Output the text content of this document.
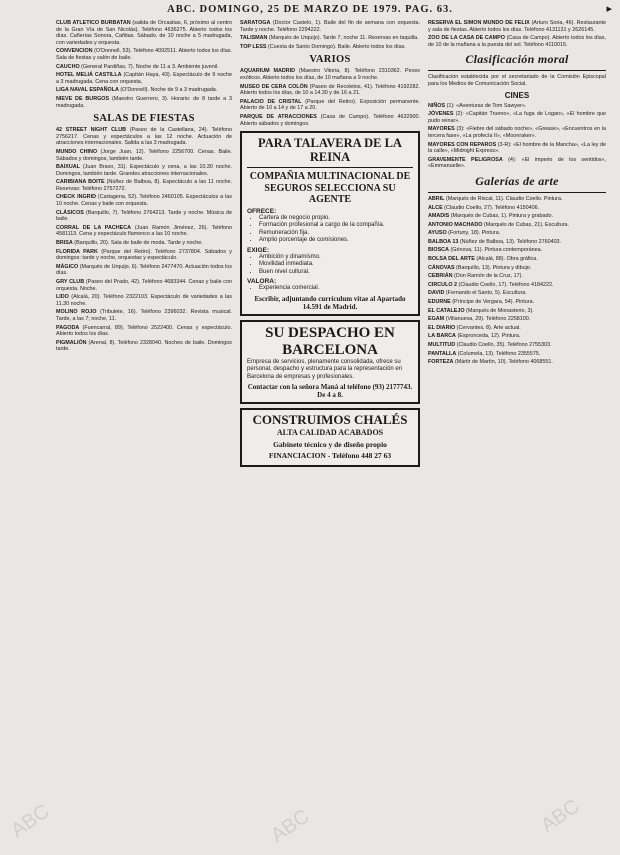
ABC. DOMINGO, 25 DE MARZO DE 1979. PAG. 63.	▸
ABC	ABC	ABC

CLUB ATLÉTICO BURBATAN (salida de Orcasitas, 6, próximo al centro de la Gran Vía de San Nicolás). Teléfono 4636275. Abierto todos los días. Cañerías Sonora, Cañitas. Sábado, de 10 noche a 5 madrugada, con variedades y orquesta.

CONVENCION (O'Donnell, 53). Teléfono 4092511. Abierto todos los días. Sala de fiestas y salón de baile.

CAUCHO (General Pardiñas, 7). Noche de 11 a 3. Ambiente juvenil.

HOTEL MELIÁ CASTILLA (Capitán Haya, 43). Espectáculo de 9 noche a 3 madrugada. Cena con orquesta.

LIGA NAVAL ESPAÑOLA (O'Donnell). Noche de 9 a 3 madrugada.

NIEVE DE BURGOS (Maestro Guerrero, 3). Horario: de 8 tarde a 3 madrugada.

SALAS DE FIESTAS

42 STREET NIGHT CLUB (Paseo de la Castellana, 24). Teléfono 2756217. Cenas y espectáculos a las 12 noche. Actuación de atracciones internacionales. Salida a las 3 madrugada.

MUNDO CHINO (Jorge Juan, 12). Teléfono 2256700. Cenas. Baile. Sábados y domingos, también tarde.

BAIXUAL (Juan Bravo, 31). Espectáculo y cena, a las 10.30 noche. Domingos, también tarde. Grandes atracciones internacionales.

CARIBIANA BOITE (Núñez de Balboa, 8). Espectáculo a las 11 noche. Reservas: Teléfono 2757272.

CHECK INGRID (Cartagena, 52). Teléfono 2460105. Espectáculos a las 10 noche. Cenas y baile con orquesta.

CLÁSICOS (Barquillo, 7). Teléfono 2764213. Tarde y noche. Música de baile.

CORRAL DE LA PACHECA (Juan Ramón Jiménez, 26). Teléfono 4581113. Cena y espectáculo flamenco a las 10 noche.

BRISA (Barquillo, 20). Sala de baile de moda. Tarde y noche.

FLORIDA PARK (Parque del Retiro). Teléfono 2737804. Sábados y domingos: tarde y noche, orquestas y espectáculo.

MÁGICO (Marqués de Urquijo, 6). Teléfono 2477470. Actuación todos los días.

GRY CLUB (Paseo del Prado, 42). Teléfono 4683344. Cenas y baile con orquesta. Noche.

LIDO (Alcalá, 20). Teléfono 2322103. Espectáculo de variedades a las 11.30 noche.

MOLINO ROJO (Tribulete, 16). Teléfono 2396032. Revista musical. Tarde, a las 7; noche, 11.

PAGODA (Fuencarral, 89). Teléfono 2522400. Cenas y espectáculo. Abierto todos los días.

PIGMALIÓN (Arenal, 8). Teléfono 2328040. Noches de baile. Domingos tarde.

SARATOGA (Doctor Castelo, 1). Baile del fin de semana con orquesta. Tarde y noche. Teléfono 2294222.

TALISMAN (Marqués de Urquijo). Tarde 7, noche 11. Reservas en taquilla.

TOP LESS (Cuesta de Santo Domingo). Baile. Abierto todos los días.

VARIOS

AQUARIUM MADRID (Maestro Vitoria, 8). Teléfono 2310362. Peces exóticos. Abierto todos los días, de 10 mañana a 9 noche.

MUSEO DE CERA COLÓN (Paseo de Recoletos, 41). Teléfono 4192282. Abierto todos los días, de 10 a 14.30 y de 16 a 21.

PALACIO DE CRISTAL (Parque del Retiro). Exposición permanente. Abierto de 10 a 14 y de 17 a 20.

PARQUE DE ATRACCIONES (Casa de Campo). Teléfono 4632900. Abierto sábados y domingos.

PARA TALAVERA DE LA REINA
COMPAÑIA MULTINACIONAL DE SEGUROS SELECCIONA SU AGENTE
OFRECE:
• Cartera de negocio propio.
• Formación profesional a cargo de la compañía.
• Remuneración fija.
• Amplio porcentaje de comisiones.
EXIGE:
• Ambición y dinamismo.
• Movilidad inmediata.
• Buen nivel cultural.
VALORA:
• Experiencia comercial.
Escribir, adjuntando currículum vitae al Apartado 14.591 de Madrid.
SU DESPACHO EN BARCELONA
Empresa de servicios, plenamente consolidada, ofrece su personal, despacho y estructura para la representación en Barcelona de empresas y profesionales.
Contactar con la señora Maná al teléfono (93) 2177743. De 4 a 8.
CONSTRUIMOS CHALÉS
ALTA CALIDAD ACABADOS
Gabinete técnico y de diseño propio
FINANCIACION - Teléfono 448 27 63

RESERVA EL SIMÓN MUNDO DE FELIX (Arturo Soria, 46). Restaurante y sala de fiestas. Abierto todos los días. Teléfono 4131131 y 2626145.

ZOO DE LA CASA DE CAMPO (Casa de Campo). Abierto todos los días, de 10 de la mañana a la puesta del sol. Teléfono 4110015.

Clasificación moral

Clasificación establecida por el secretariado de la Comisión Episcopal para los Medios de Comunicación Social.

CINES

NIÑOS (1): «Aventuras de Tom Sawyer».

JÓVENES (2): «Capitán Trueno», «La fuga de Logan», «El hombre que pudo reinar».

MAYORES (3): «Fiebre del sábado noche», «Grease», «Encuentros en la tercera fase», «La profecía II», «Moonraker».

MAYORES CON REPAROS (3-R): «El hombre de la Mancha», «La ley de la calle», «Midnight Express».

GRAVEMENTE PELIGROSA (4): «El imperio de los sentidos», «Emmanuelle».

Galerías de arte

ABRIL (Marqués de Riscal, 11). Claudio Coello. Pintura.

ALCE (Claudio Coello, 27). Teléfono 4150406.

AMADIS (Marqués de Cubas, 1). Pintura y grabado.

ANTONIO MACHADO (Marqués de Cubas, 21). Escultura.

AYUSO (Fortuny, 18). Pintura.

BALBOA 13 (Núñez de Balboa, 13). Teléfono 2760403.

BIOSCA (Génova, 11). Pintura contemporánea.

BOLSA DEL ARTE (Alcalá, 88). Obra gráfica.

CÁNOVAS (Barquillo, 13). Pintura y dibujo.

CEBRIÁN (Don Ramón de la Cruz, 17).

CIRCULO 2 (Claudio Coello, 17). Teléfono 4184222.

DAVID (Fernando el Santo, 5). Escultura.

EDURNE (Príncipe de Vergara, 54). Pintura.

EL CATALEJO (Marqués de Monasterio, 3).

EGAM (Villanueva, 29). Teléfono 2258100.

EL DIARIO (Cervantes, 8). Arte actual.

LA BARCA (Espronceda, 12). Pintura.

MULTITUD (Claudio Coello, 35). Teléfono 2755303.

PANTALLA (Columela, 13). Teléfono 2355575.

FORTEZA (Mártir de Martín, 10). Teléfono 4068551.
